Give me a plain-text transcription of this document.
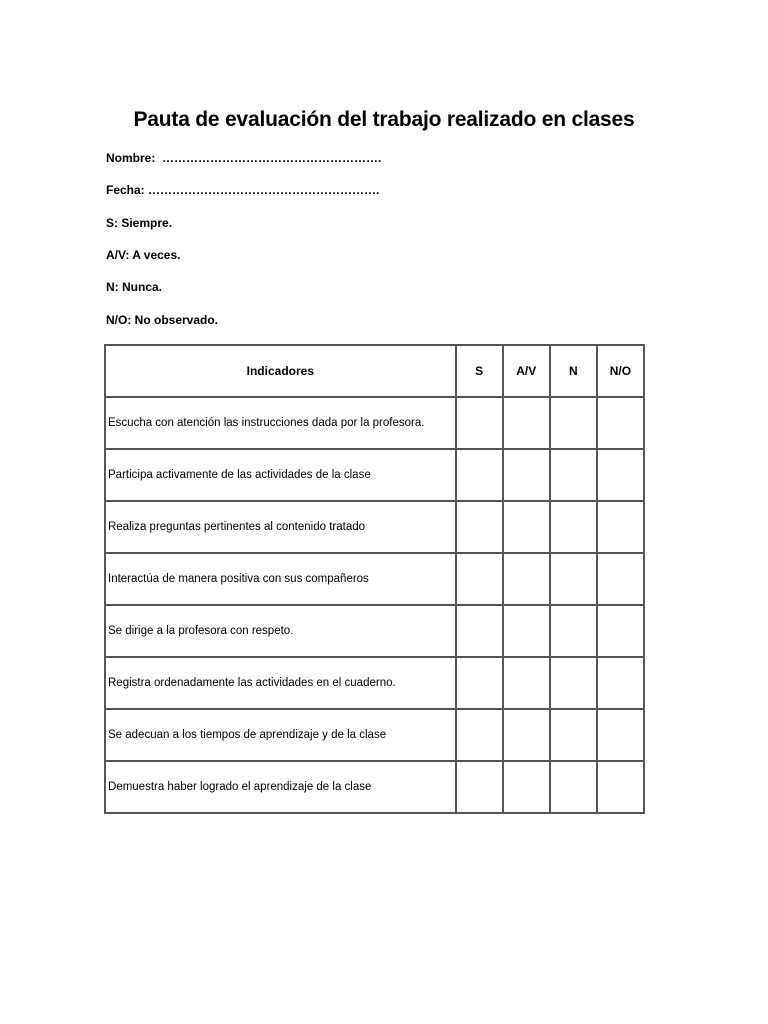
Pauta de evaluación del trabajo realizado en clases
Nombre: ……………………………………………….
Fecha: ………………………………………………….
S: Siempre.
A/V: A veces.
N: Nunca.
N/O: No observado.
Indicadores	S	A/V	N	N/O
Escucha con atención las instrucciones dada por la profesora.				
Participa activamente de las actividades de la clase				
Realiza preguntas pertinentes al contenido tratado				
Interactúa de manera positiva con sus compañeros				
Se dirige a la profesora con respeto.				
Registra ordenadamente las actividades en el cuaderno.				
Se adecuan a los tiempos de aprendizaje y de la clase				
Demuestra haber logrado el aprendizaje de la clase				
